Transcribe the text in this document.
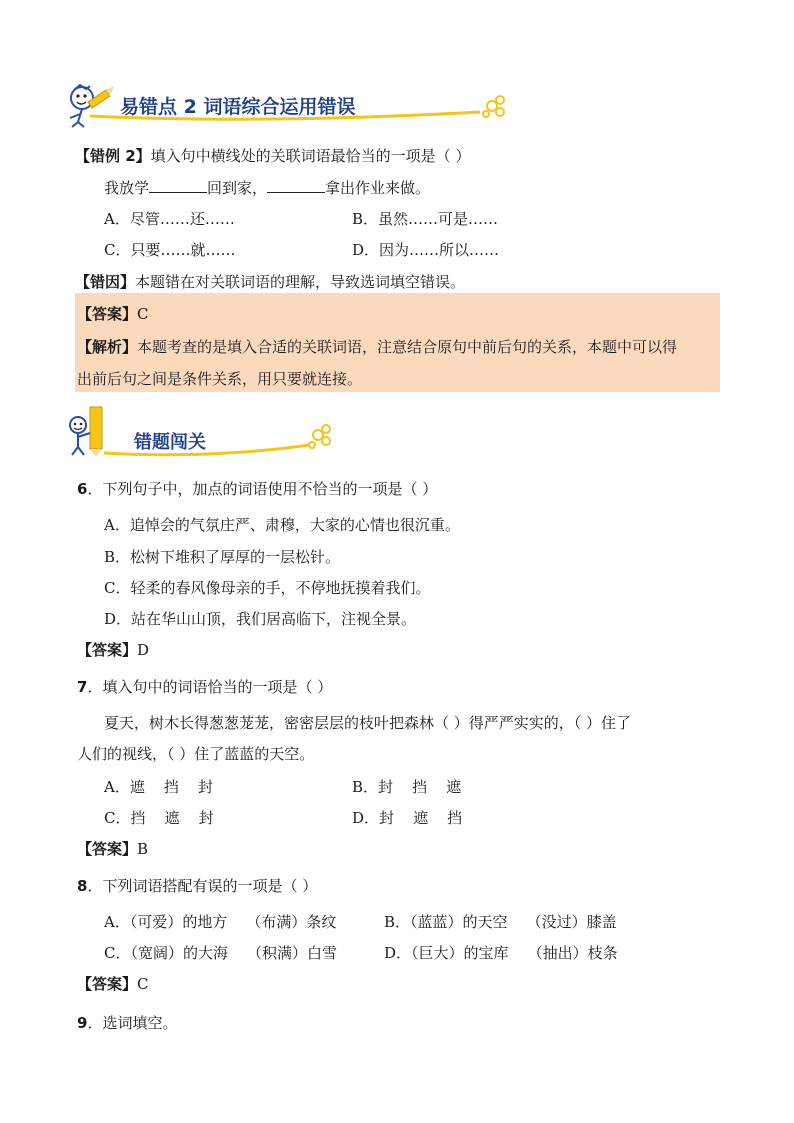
易错点 2 词语综合运用错误
【错例 2】填入句中横线处的关联词语最恰当的一项是（ ）
我放学	回到家，	拿出作业来做。
A．尽管……还……	B．虽然……可是……
C．只要……就……	D．因为……所以……
【错因】本题错在对关联词语的理解，导致选词填空错误。
【答案】C
【解析】本题考查的是填入合适的关联词语，注意结合原句中前后句的关系，本题中可以得
出前后句之间是条件关系，用只要就连接。
错题闯关
6．下列句子中，加点的词语使用不恰当的一项是（ ）
A．追悼会的气氛庄严、肃穆，大家的心情也很沉重。
B．松树下堆积了厚厚的一层松针。
C．轻柔的春风像母亲的手，不停地抚摸着我们。
D．站在华山山顶，我们居高临下，注视全景。
【答案】D
7．填入句中的词语恰当的一项是（ ）
夏天，树木长得葱葱茏茏，密密层层的枝叶把森林（ ）得严严实实的，（ ）住了
人们的视线，（ ）住了蓝蓝的天空。
A．遮    挡    封	B．封    挡    遮
C．挡    遮    封	D．封    遮    挡
【答案】B
8．下列词语搭配有误的一项是（ ）
A．（可爱）的地方    （布满）条纹	B．（蓝蓝）的天空    （没过）膝盖
C．（宽阔）的大海    （积满）白雪	D．（巨大）的宝库    （抽出）枝条
【答案】C
9．选词填空。
